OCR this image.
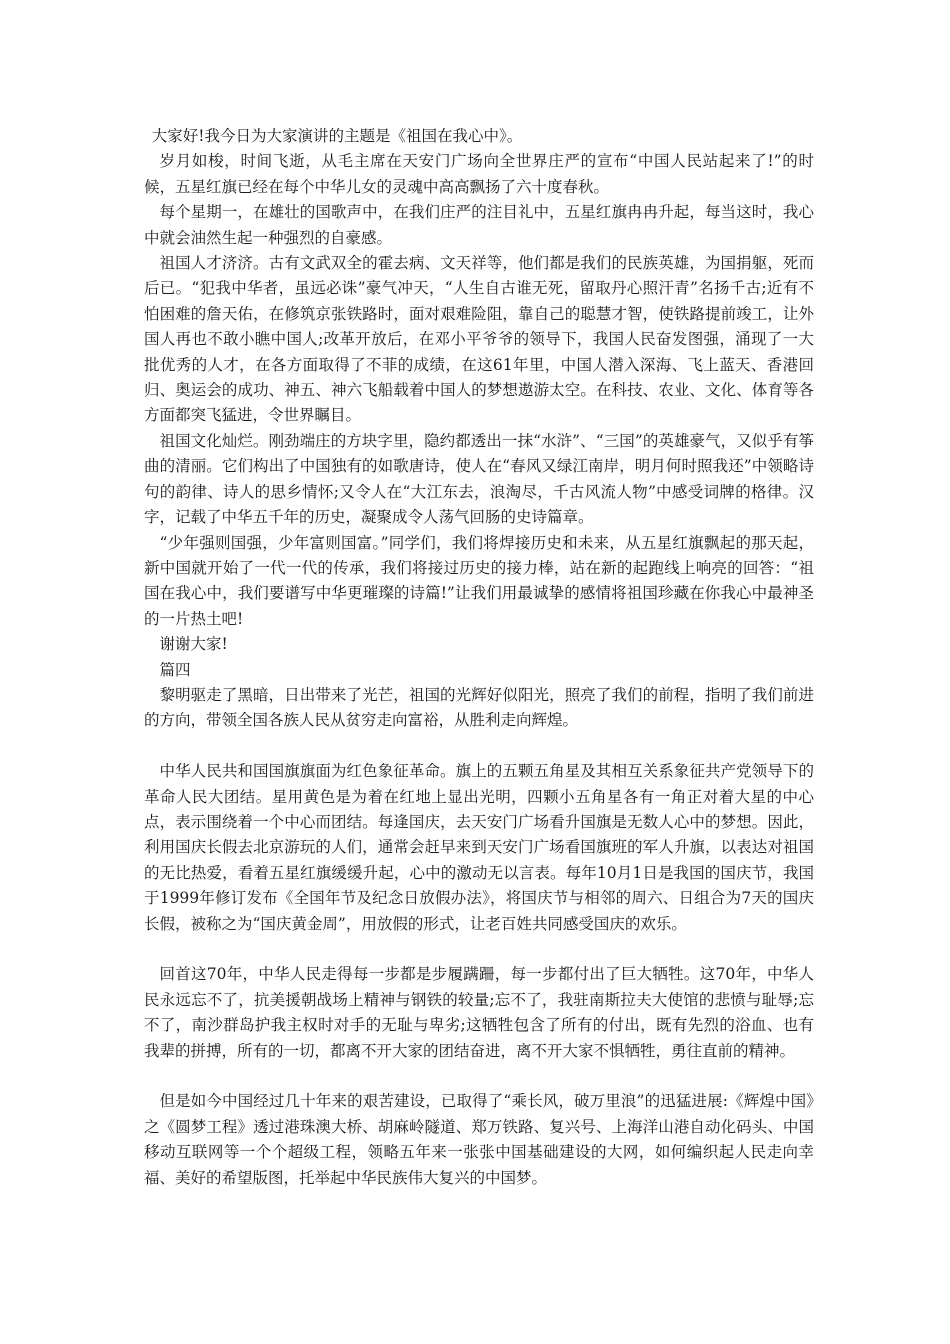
大家好!我今日为大家演讲的主题是《祖国在我心中》。

岁月如梭，时间飞逝，从毛主席在天安门广场向全世界庄严的宣布“中国人民站起来了!”的时候，五星红旗已经在每个中华儿女的灵魂中高高飘扬了六十度春秋。

每个星期一，在雄壮的国歌声中，在我们庄严的注目礼中，五星红旗冉冉升起，每当这时，我心中就会油然生起一种强烈的自豪感。

祖国人才济济。古有文武双全的霍去病、文天祥等，他们都是我们的民族英雄，为国捐躯，死而后已。“犯我中华者，虽远必诛”豪气冲天，“人生自古谁无死，留取丹心照汗青”名扬千古;近有不怕困难的詹天佑，在修筑京张铁路时，面对艰难险阻，靠自己的聪慧才智，使铁路提前竣工，让外国人再也不敢小瞧中国人;改革开放后，在邓小平爷爷的领导下，我国人民奋发图强，涌现了一大批优秀的人才，在各方面取得了不菲的成绩，在这61年里，中国人潜入深海、飞上蓝天、香港回归、奥运会的成功、神五、神六飞船载着中国人的梦想遨游太空。在科技、农业、文化、体育等各方面都突飞猛进，令世界瞩目。

祖国文化灿烂。刚劲端庄的方块字里，隐约都透出一抹“水浒”、“三国”的英雄豪气，又似乎有筝曲的清丽。它们构出了中国独有的如歌唐诗，使人在“春风又绿江南岸，明月何时照我还”中领略诗句的韵律、诗人的思乡情怀;又令人在“大江东去，浪淘尽，千古风流人物”中感受词牌的格律。汉字，记载了中华五千年的历史，凝聚成令人荡气回肠的史诗篇章。

“少年强则国强，少年富则国富。”同学们，我们将焊接历史和未来，从五星红旗飘起的那天起，新中国就开始了一代一代的传承，我们将接过历史的接力棒，站在新的起跑线上响亮的回答：“祖国在我心中，我们要谱写中华更璀璨的诗篇!”让我们用最诚挚的感情将祖国珍藏在你我心中最神圣的一片热土吧!

谢谢大家!

篇四

黎明驱走了黑暗，日出带来了光芒，祖国的光辉好似阳光，照亮了我们的前程，指明了我们前进的方向，带领全国各族人民从贫穷走向富裕，从胜利走向辉煌。

中华人民共和国国旗旗面为红色象征革命。旗上的五颗五角星及其相互关系象征共产党领导下的革命人民大团结。星用黄色是为着在红地上显出光明，四颗小五角星各有一角正对着大星的中心点，表示围绕着一个中心而团结。每逢国庆，去天安门广场看升国旗是无数人心中的梦想。因此，利用国庆长假去北京游玩的人们，通常会赶早来到天安门广场看国旗班的军人升旗，以表达对祖国的无比热爱，看着五星红旗缓缓升起，心中的激动无以言表。每年10月1日是我国的国庆节，我国于1999年修订发布《全国年节及纪念日放假办法》，将国庆节与相邻的周六、日组合为7天的国庆长假，被称之为“国庆黄金周”，用放假的形式，让老百姓共同感受国庆的欢乐。

回首这70年，中华人民走得每一步都是步履蹒跚，每一步都付出了巨大牺牲。这70年，中华人民永远忘不了，抗美援朝战场上精神与钢铁的较量;忘不了，我驻南斯拉夫大使馆的悲愤与耻辱;忘不了，南沙群岛护我主权时对手的无耻与卑劣;这牺牲包含了所有的付出，既有先烈的浴血、也有我辈的拼搏，所有的一切，都离不开大家的团结奋进，离不开大家不惧牺牲，勇往直前的精神。

但是如今中国经过几十年来的艰苦建设，已取得了“乘长风，破万里浪”的迅猛进展:《辉煌中国》之《圆梦工程》透过港珠澳大桥、胡麻岭隧道、郑万铁路、复兴号、上海洋山港自动化码头、中国移动互联网等一个个超级工程，领略五年来一张张中国基础建设的大网，如何编织起人民走向幸福、美好的希望版图，托举起中华民族伟大复兴的中国梦。
